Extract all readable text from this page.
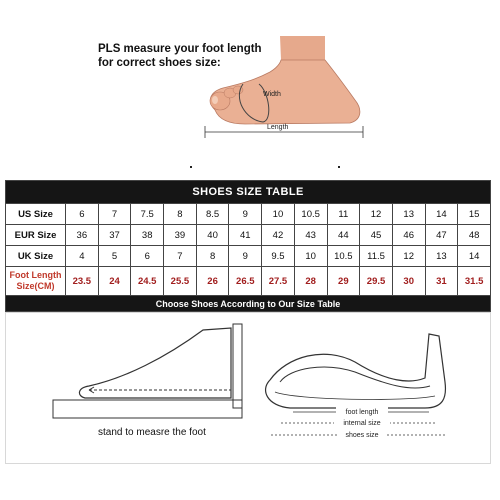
PLS measure your foot length
for correct shoes size:
Width
Length
SHOES SIZE TABLE													
US Size	6	7	7.5	8	8.5	9	10	10.5	11	12	13	14	15
EUR Size	36	37	38	39	40	41	42	43	44	45	46	47	48
UK Size	4	5	6	7	8	9	9.5	10	10.5	11.5	12	13	14

Foot Length
Size(CM)	23.5	24	24.5	25.5	26	26.5	27.5	28	29	29.5	30	31	31.5
Choose Shoes According to Our Size Table													
foot length
internal size
shoes size
stand to measre the foot
